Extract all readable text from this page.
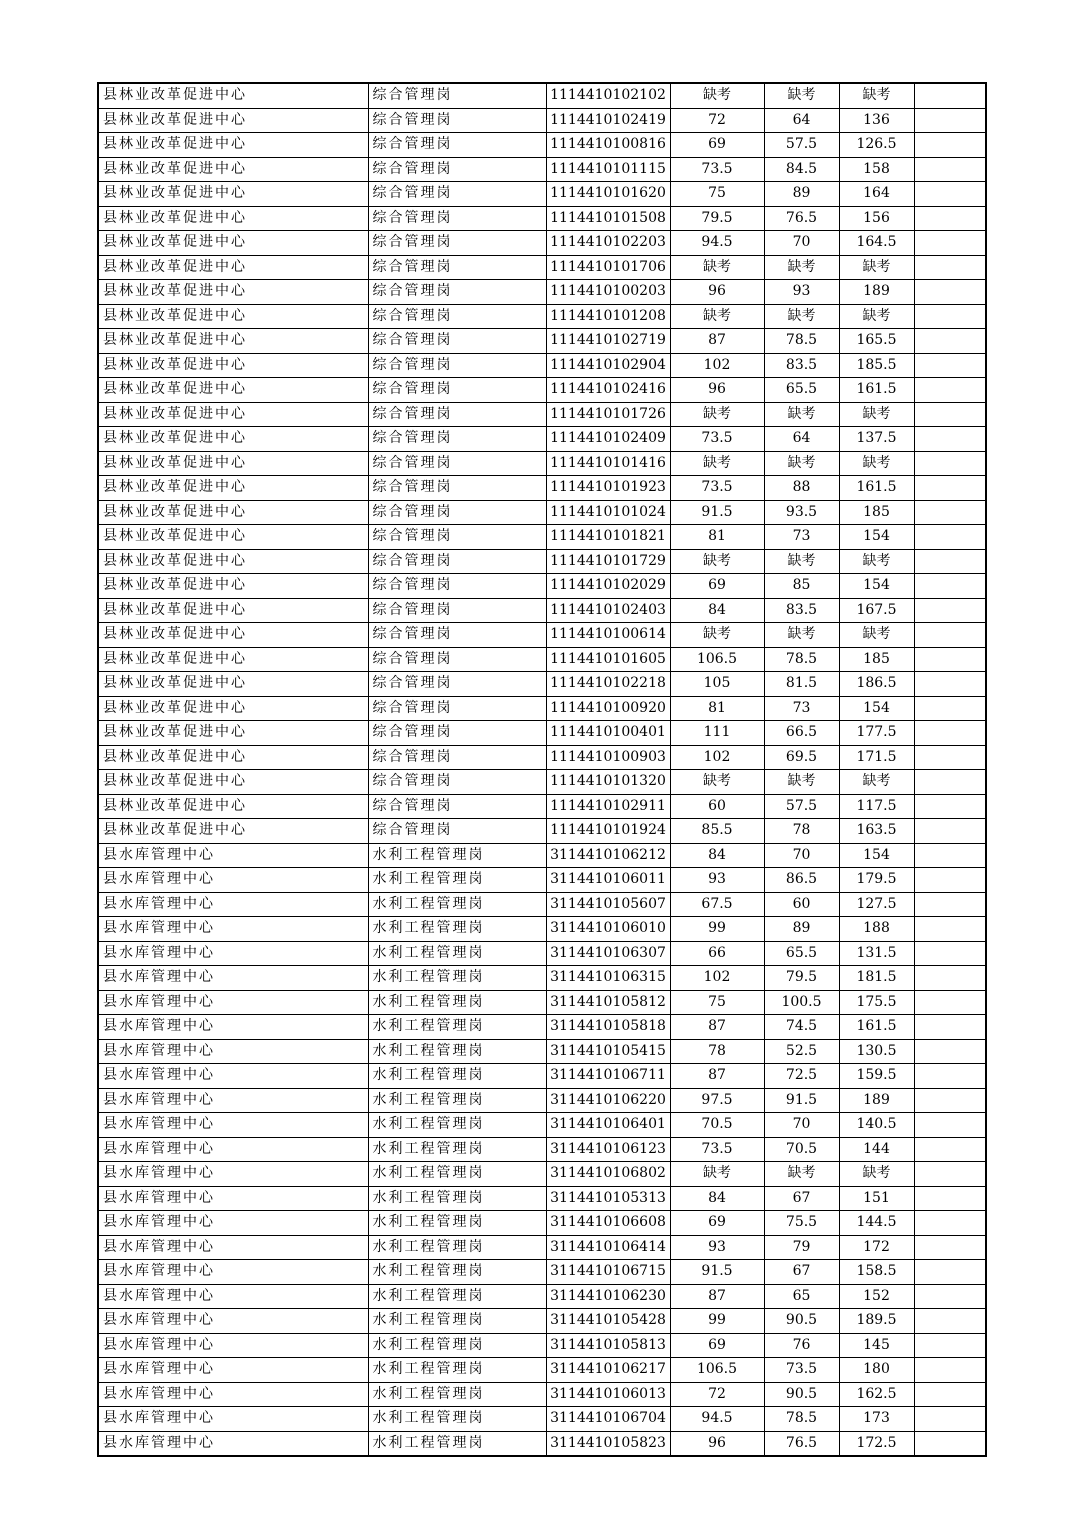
县林业改革促进中心	综合管理岗	1114410102102	缺考	缺考	缺考	
县林业改革促进中心	综合管理岗	1114410102419	72	64	136	
县林业改革促进中心	综合管理岗	1114410100816	69	57.5	126.5	
县林业改革促进中心	综合管理岗	1114410101115	73.5	84.5	158	
县林业改革促进中心	综合管理岗	1114410101620	75	89	164	
县林业改革促进中心	综合管理岗	1114410101508	79.5	76.5	156	
县林业改革促进中心	综合管理岗	1114410102203	94.5	70	164.5	
县林业改革促进中心	综合管理岗	1114410101706	缺考	缺考	缺考	
县林业改革促进中心	综合管理岗	1114410100203	96	93	189	
县林业改革促进中心	综合管理岗	1114410101208	缺考	缺考	缺考	
县林业改革促进中心	综合管理岗	1114410102719	87	78.5	165.5	
县林业改革促进中心	综合管理岗	1114410102904	102	83.5	185.5	
县林业改革促进中心	综合管理岗	1114410102416	96	65.5	161.5	
县林业改革促进中心	综合管理岗	1114410101726	缺考	缺考	缺考	
县林业改革促进中心	综合管理岗	1114410102409	73.5	64	137.5	
县林业改革促进中心	综合管理岗	1114410101416	缺考	缺考	缺考	
县林业改革促进中心	综合管理岗	1114410101923	73.5	88	161.5	
县林业改革促进中心	综合管理岗	1114410101024	91.5	93.5	185	
县林业改革促进中心	综合管理岗	1114410101821	81	73	154	
县林业改革促进中心	综合管理岗	1114410101729	缺考	缺考	缺考	
县林业改革促进中心	综合管理岗	1114410102029	69	85	154	
县林业改革促进中心	综合管理岗	1114410102403	84	83.5	167.5	
县林业改革促进中心	综合管理岗	1114410100614	缺考	缺考	缺考	
县林业改革促进中心	综合管理岗	1114410101605	106.5	78.5	185	
县林业改革促进中心	综合管理岗	1114410102218	105	81.5	186.5	
县林业改革促进中心	综合管理岗	1114410100920	81	73	154	
县林业改革促进中心	综合管理岗	1114410100401	111	66.5	177.5	
县林业改革促进中心	综合管理岗	1114410100903	102	69.5	171.5	
县林业改革促进中心	综合管理岗	1114410101320	缺考	缺考	缺考	
县林业改革促进中心	综合管理岗	1114410102911	60	57.5	117.5	
县林业改革促进中心	综合管理岗	1114410101924	85.5	78	163.5	
县水库管理中心	水利工程管理岗	3114410106212	84	70	154	
县水库管理中心	水利工程管理岗	3114410106011	93	86.5	179.5	
县水库管理中心	水利工程管理岗	3114410105607	67.5	60	127.5	
县水库管理中心	水利工程管理岗	3114410106010	99	89	188	
县水库管理中心	水利工程管理岗	3114410106307	66	65.5	131.5	
县水库管理中心	水利工程管理岗	3114410106315	102	79.5	181.5	
县水库管理中心	水利工程管理岗	3114410105812	75	100.5	175.5	
县水库管理中心	水利工程管理岗	3114410105818	87	74.5	161.5	
县水库管理中心	水利工程管理岗	3114410105415	78	52.5	130.5	
县水库管理中心	水利工程管理岗	3114410106711	87	72.5	159.5	
县水库管理中心	水利工程管理岗	3114410106220	97.5	91.5	189	
县水库管理中心	水利工程管理岗	3114410106401	70.5	70	140.5	
县水库管理中心	水利工程管理岗	3114410106123	73.5	70.5	144	
县水库管理中心	水利工程管理岗	3114410106802	缺考	缺考	缺考	
县水库管理中心	水利工程管理岗	3114410105313	84	67	151	
县水库管理中心	水利工程管理岗	3114410106608	69	75.5	144.5	
县水库管理中心	水利工程管理岗	3114410106414	93	79	172	
县水库管理中心	水利工程管理岗	3114410106715	91.5	67	158.5	
县水库管理中心	水利工程管理岗	3114410106230	87	65	152	
县水库管理中心	水利工程管理岗	3114410105428	99	90.5	189.5	
县水库管理中心	水利工程管理岗	3114410105813	69	76	145	
县水库管理中心	水利工程管理岗	3114410106217	106.5	73.5	180	
县水库管理中心	水利工程管理岗	3114410106013	72	90.5	162.5	
县水库管理中心	水利工程管理岗	3114410106704	94.5	78.5	173	
县水库管理中心	水利工程管理岗	3114410105823	96	76.5	172.5	
